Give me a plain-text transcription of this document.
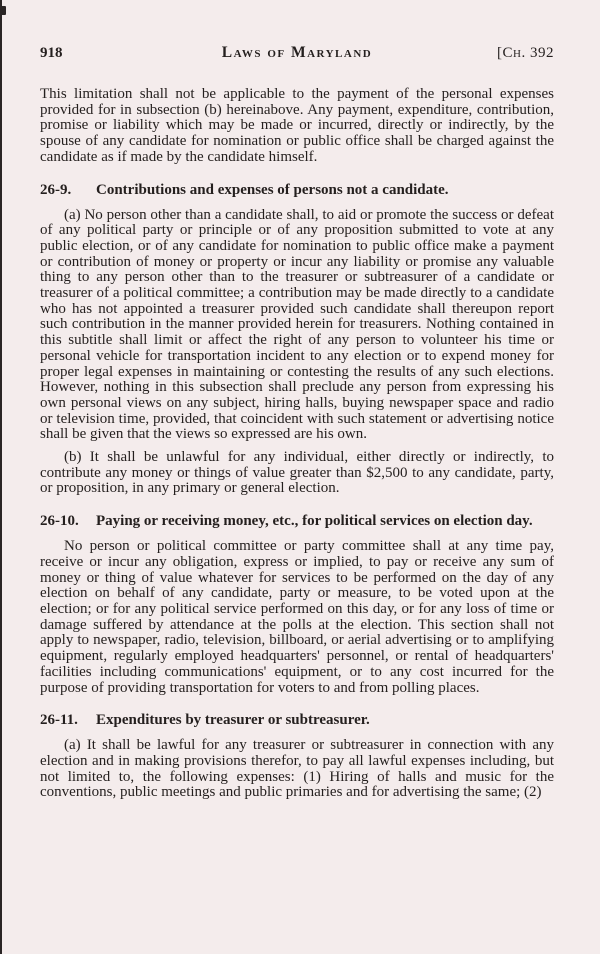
918	Laws of Maryland	[Ch. 392

This limitation shall not be applicable to the payment of the personal expenses provided for in subsection (b) hereinabove. Any payment, expenditure, contribution, promise or liability which may be made or incurred, directly or indirectly, by the spouse of any candidate for nomination or public office shall be charged against the candidate as if made by the candidate himself.

26-9.	Contributions and expenses of persons not a candidate.

(a) No person other than a candidate shall, to aid or promote the success or defeat of any political party or principle or of any proposition submitted to vote at any public election, or of any candidate for nomination to public office make a payment or contribution of money or property or incur any liability or promise any valuable thing to any person other than to the treasurer or subtreasurer of a candidate or treasurer of a political committee; a contribution may be made directly to a candidate who has not appointed a treasurer provided such candidate shall thereupon report such contribution in the manner provided herein for treasurers. Nothing contained in this subtitle shall limit or affect the right of any person to volunteer his time or personal vehicle for transportation incident to any election or to expend money for proper legal expenses in maintaining or contesting the results of any such elections. However, nothing in this subsection shall preclude any person from expressing his own personal views on any subject, hiring halls, buying newspaper space and radio or television time, provided, that coincident with such statement or advertising notice shall be given that the views so expressed are his own.

(b) It shall be unlawful for any individual, either directly or indirectly, to contribute any money or things of value greater than $2,500 to any candidate, party, or proposition, in any primary or general election.

26-10.	Paying or receiving money, etc., for political services on election day.

No person or political committee or party committee shall at any time pay, receive or incur any obligation, express or implied, to pay or receive any sum of money or thing of value whatever for services to be performed on the day of any election on behalf of any candidate, party or measure, to be voted upon at the election; or for any political service performed on this day, or for any loss of time or damage suffered by attendance at the polls at the election. This section shall not apply to newspaper, radio, television, billboard, or aerial advertising or to amplifying equipment, regularly employed headquarters' personnel, or rental of headquarters' facilities including communications' equipment, or to any cost incurred for the purpose of providing transportation for voters to and from polling places.

26-11.	Expenditures by treasurer or subtreasurer.

(a) It shall be lawful for any treasurer or subtreasurer in connection with any election and in making provisions therefor, to pay all lawful expenses including, but not limited to, the following expenses: (1) Hiring of halls and music for the conventions, public meetings and public primaries and for advertising the same; (2)
